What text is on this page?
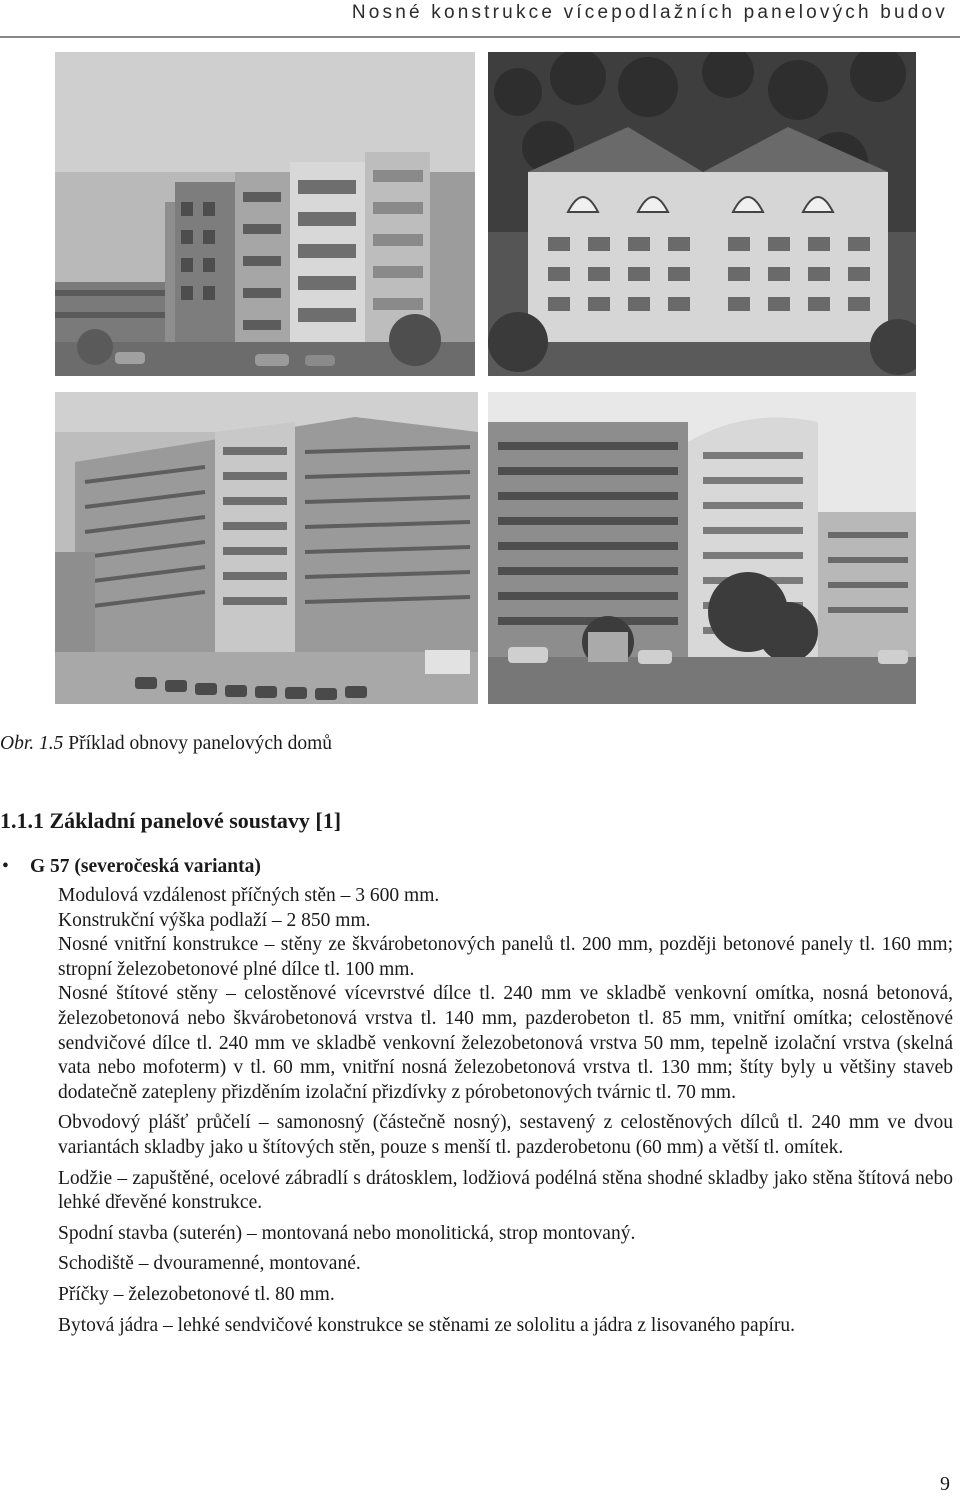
Nosné konstrukce vícepodlažních panelových budov
Obr. 1.5 Příklad obnovy panelových domů
1.1.1 Základní panelové soustavy [1]
• G 57 (severočeská varianta)

Modulová vzdálenost příčných stěn – 3 600 mm.

Konstrukční výška podlaží – 2 850 mm.

Nosné vnitřní konstrukce – stěny ze škvárobetonových panelů tl. 200 mm, později betonové panely tl. 160 mm; stropní železobetonové plné dílce tl. 100 mm.

Nosné štítové stěny – celostěnové vícevrstvé dílce tl. 240 mm ve skladbě venkovní omítka, nosná betonová, železobetonová nebo škvárobetonová vrstva tl. 140 mm, pazderobeton tl. 85 mm, vnitřní omítka; celostěnové sendvičové dílce tl. 240 mm ve skladbě venkovní železobetonová vrstva 50 mm, tepelně izolační vrstva (skelná vata nebo mofoterm) v tl. 60 mm, vnitřní nosná železobetonová vrstva tl. 130 mm; štíty byly u většiny staveb dodatečně zatepleny přizděním izolační přizdívky z pórobetonových tvárnic tl. 70 mm.

Obvodový plášť průčelí – samonosný (částečně nosný), sestavený z celostěnových dílců tl. 240 mm ve dvou variantách skladby jako u štítových stěn, pouze s menší tl. pazderobetonu (60 mm) a větší tl. omítek.

Lodžie – zapuštěné, ocelové zábradlí s drátosklem, lodžiová podélná stěna shodné skladby jako stěna štítová nebo lehké dřevěné konstrukce.

Spodní stavba (suterén) – montovaná nebo monolitická, strop montovaný.

Schodiště – dvouramenné, montované.

Příčky – železobetonové tl. 80 mm.

Bytová jádra – lehké sendvičové konstrukce se stěnami ze sololitu a jádra z lisovaného papíru.

9
